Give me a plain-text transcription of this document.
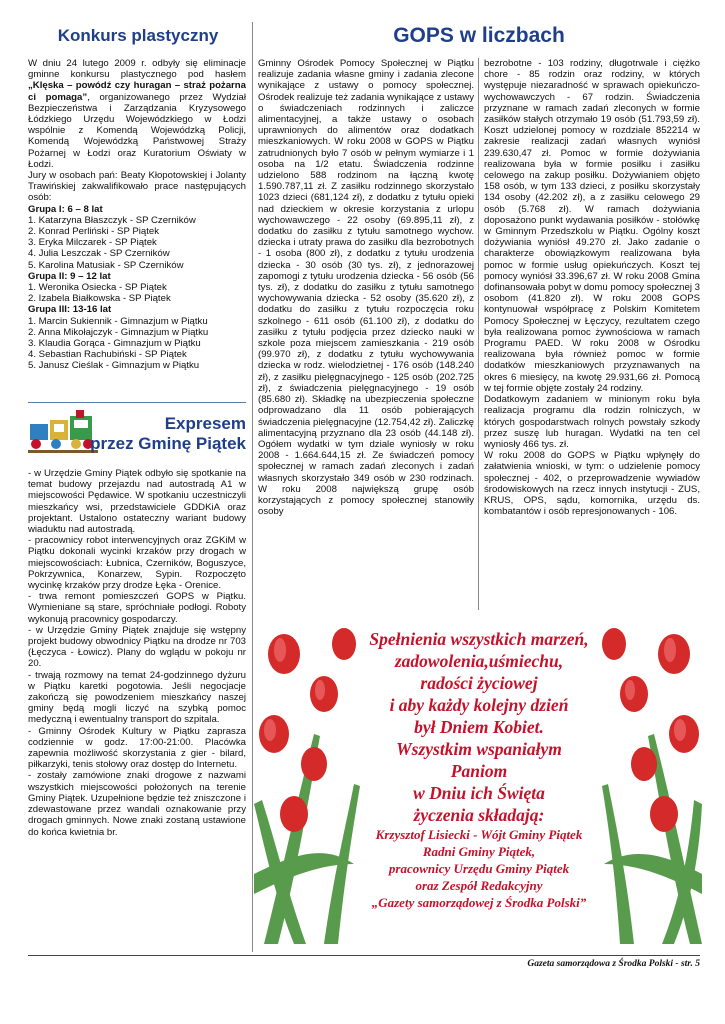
Konkurs plastyczny

W dniu 24 lutego 2009 r. odbyły się eliminacje gminne konkursu plastycznego pod hasłem „Klęska – powódź czy huragan – straż pożarna ci pomaga”, organizowanego przez Wydział Bezpieczeństwa i Zarządzania Kryzysowego Łódzkiego Urzędu Wojewódzkiego w Łodzi wspólnie z Komendą Wojewódzką Policji, Komendą Wojewódzką Państwowej Straży Pożarnej w Łodzi oraz Kuratorium Oświaty w Łodzi.

Jury w osobach pań: Beaty Kłopotowskiej i Jolanty Trawińskiej zakwalifikowało prace następujących osób:

Grupa I: 6 – 8 lat

1. Katarzyna Błaszczyk - SP Czerników

2. Konrad Perliński - SP Piątek

3. Eryka Milczarek - SP Piątek

4. Julia Leszczak - SP Czerników

5. Karolina Matusiak - SP Czerników

Grupa II: 9 – 12 lat

1. Weronika Osiecka - SP Piątek

2. Izabela Białkowska - SP Piątek

Grupa III: 13-16 lat

1. Marcin Sukiennik - Gimnazjum w Piątku

2. Anna Mikołajczyk - Gimnazjum w Piątku

3. Klaudia Gorąca - Gimnazjum w Piątku

4. Sebastian Rachubiński - SP Piątek

5. Janusz Cieślak - Gimnazjum w Piątku

Expresem
przez Gminę Piątek

- w Urzędzie Gminy Piątek odbyło się spotkanie na temat budowy przejazdu nad autostradą A1 w miejscowości Pędawice. W spotkaniu uczestniczyli mieszkańcy wsi, przedstawiciele GDDKiA oraz projektant. Ustalono ostateczny wariant budowy wiaduktu nad autostradą.

- pracownicy robot interwencyjnych oraz ZGKiM w Piątku dokonali wycinki krzaków przy drogach w miejscowościach: Łubnica, Czerników, Boguszyce, Pokrzywnica, Konarzew, Sypin. Rozpoczęto wycinkę krzaków przy drodze Łęka - Orenice.

- trwa remont pomieszczeń GOPS w Piątku. Wymieniane są stare, spróchniałe podłogi. Roboty wykonują pracownicy gospodarczy.

- w Urzędzie Gminy Piątek znajduje się wstępny projekt budowy obwodnicy Piątku na drodze nr 703 (Łęczyca - Łowicz). Plany do wglądu w pokoju nr 20.

- trwają rozmowy na temat 24-godzinnego dyżuru w Piątku karetki pogotowia. Jeśli negocjacje zakończą się powodzeniem mieszkańcy naszej gminy będą mogli liczyć na szybką pomoc medyczną i ewentualny transport do szpitala.

- Gminny Ośrodek Kultury w Piątku zaprasza codziennie w godz. 17:00-21:00. Placówka zapewnia możliwość skorzystania z gier - bilard, piłkarzyki, tenis stołowy oraz dostęp do Internetu.

- zostały zamówione znaki drogowe z nazwami wszystkich miejscowości położonych na terenie Gminy Piątek. Uzupełnione będzie też zniszczone i zdewastowane przez wandali oznakowanie przy drogach gminnych. Nowe znaki zostaną ustawione do końca kwietnia br.

GOPS w liczbach

Gminny Ośrodek Pomocy Społecznej w Piątku realizuje zadania własne gminy i zadania zlecone wynikające z ustawy o pomocy społecznej. Ośrodek realizuje też zadania wynikające z ustawy o świadczeniach rodzinnych i zaliczce alimentacyjnej, a także ustawy o osobach uprawnionych do alimentów oraz dodatkach mieszkaniowych. W roku 2008 w GOPS w Piątku zatrudnionych było 7 osób w pełnym wymiarze i 1 osoba na 1/2 etatu. Świadczenia rodzinne udzielono 588 rodzinom na łączną kwotę 1.590.787,11 zł. Z zasiłku rodzinnego skorzystało 1023 dzieci (681,124 zł), z dodatku z tytułu opieki nad dzieckiem w okresie korzystania z urlopu wychowawczego - 22 osoby (69.895,11 zł), z dodatku do zasiłku z tytułu samotnego wychow. dziecka i utraty prawa do zasiłku dla bezrobotnych - 1 osoba (800 zł), z dodatku z tytułu urodzenia dziecka - 30 osób (30 tys. zł), z jednorazowej zapomogi z tytułu urodzenia dziecka - 56 osób (56 tys. zł), z dodatku do zasiłku z tytułu samotnego wychowywania dziecka - 52 osoby (35.620 zł), z dodatku do zasiłku z tytułu rozpoczęcia roku szkolnego - 611 osób (61.100 zł), z dodatku do zasiłku z tytułu podjęcia przez dziecko nauki w szkole poza miejscem zamieszkania - 219 osób (99.970 zł), z dodatku z tytułu wychowywania dziecka w rodz. wielodzietnej - 176 osób (148.240 zł), z zasiłku pielęgnacyjnego - 125 osób (202.725 zł), z świadczenia pielęgnacyjnego - 19 osób (85.680 zł). Składkę na ubezpieczenia społeczne odprowadzano dla 11 osób pobierających świadczenia pielęgnacyjne (12.754,42 zł). Zaliczkę alimentacyjną przyznano dla 23 osób (44.148 zł). Ogółem wydatki w tym dziale wyniosły w roku 2008 - 1.664.644,15 zł. Ze świadczeń pomocy społecznej w ramach zadań zleconych i zadań własnych skorzystało 349 osób w 230 rodzinach. W roku 2008 największą grupę osób korzystających z pomocy społecznej stanowiły osoby

bezrobotne - 103 rodziny, długotrwale i ciężko chore - 85 rodzin oraz rodziny, w których występuje niezaradność w sprawach opiekuńczo-wychowawczych - 67 rodzin. Świadczenia przyznane w ramach zadań zleconych w formie zasiłków stałych otrzymało 19 osób (51.793,59 zł). Koszt udzielonej pomocy w rozdziale 852214 w zakresie realizacji zadań własnych wyniósł 239.630,47 zł. Pomoc w formie dożywiania realizowana była w formie posiłku i zasiłku celowego na zakup posiłku. Dożywianiem objęto 158 osób, w tym 133 dzieci, z posiłku skorzystały 134 osoby (42.202 zł), a z zasiłku celowego 29 osób (5.768 zł). W ramach dożywiania doposażono punkt wydawania posiłków - stołówkę w Gminnym Przedszkolu w Piątku. Ogólny koszt dożywiania wyniósł 49.270 zł. Jako zadanie o charakterze obowiązkowym realizowana była pomoc w formie usług opiekuńczych. Koszt tej pomocy wyniósł 33.396,67 zł. W roku 2008 Gmina dofinansowała pobyt w domu pomocy społecznej 3 osobom (41.820 zł). W roku 2008 GOPS kontynuował współpracę z Polskim Komitetem Pomocy Społecznej w Łęczycy, rezultatem czego była realizowana pomoc żywnościowa w ramach Programu PAED. W roku 2008 w Ośrodku realizowana była również pomoc w formie dodatków mieszkaniowych przyznawanych na okres 6 miesięcy, na kwotę 29.931,66 zł. Pomocą w tej formie objęte zostały 24 rodziny.

Dodatkowym zadaniem w minionym roku była realizacja programu dla rodzin rolniczych, w których gospodarstwach rolnych powstały szkody przez suszę lub huragan. Wydatki na ten cel wyniosły 466 tys. zł.

W roku 2008 do GOPS w Piątku wpłynęły do załatwienia wnioski, w tym: o udzielenie pomocy społecznej - 402, o przeprowadzenie wywiadów środowiskowych na rzecz innych instytucji - ZUS, KRUS, OPS, sądu, komornika, urzędu ds. kombatantów i osób represjonowanych - 106.

Spełnienia wszystkich marzeń,
zadowolenia,uśmiechu,
radości życiowej
i aby każdy kolejny dzień
był Dniem Kobiet.
Wszystkim wspaniałym
Paniom
w Dniu ich Święta
życzenia składają:
Krzysztof Lisiecki - Wójt Gminy Piątek
Radni Gminy Piątek,
pracownicy Urzędu Gminy Piątek
oraz Zespół Redakcyjny
„Gazety samorządowej z Środka Polski”
Gazeta samorządowa z Środka Polski - str. 5
